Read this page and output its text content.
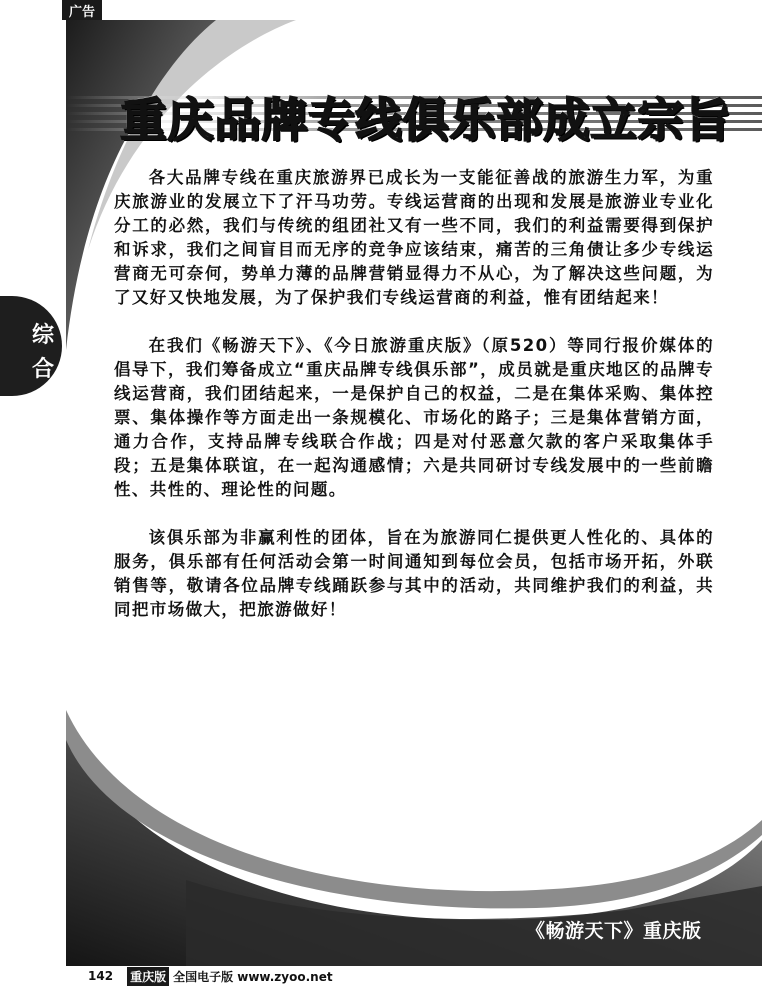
广告
重庆品牌专线俱乐部成立宗旨

各大品牌专线在重庆旅游界已成长为一支能征善战的旅游生力军，为重庆旅游业的发展立下了汗马功劳。专线运营商的出现和发展是旅游业专业化分工的必然，我们与传统的组团社又有一些不同，我们的利益需要得到保护和诉求，我们之间盲目而无序的竞争应该结束，痛苦的三角债让多少专线运营商无可奈何，势单力薄的品牌营销显得力不从心，为了解决这些问题，为了又好又快地发展，为了保护我们专线运营商的利益，惟有团结起来！

在我们《畅游天下》、《今日旅游重庆版》（原520）等同行报价媒体的倡导下，我们筹备成立“重庆品牌专线俱乐部”，成员就是重庆地区的品牌专线运营商，我们团结起来，一是保护自己的权益，二是在集体采购、集体控票、集体操作等方面走出一条规模化、市场化的路子；三是集体营销方面，通力合作，支持品牌专线联合作战；四是对付恶意欠款的客户采取集体手段；五是集体联谊，在一起沟通感情；六是共同研讨专线发展中的一些前瞻性、共性的、理论性的问题。

该俱乐部为非赢利性的团体，旨在为旅游同仁提供更人性化的、具体的服务，俱乐部有任何活动会第一时间通知到每位会员，包括市场开拓，外联销售等，敬请各位品牌专线踊跃参与其中的活动，共同维护我们的利益，共同把市场做大，把旅游做好！

《畅游天下》重庆版
综
合
142 重庆版 全国电子版 www.zyoo.net
